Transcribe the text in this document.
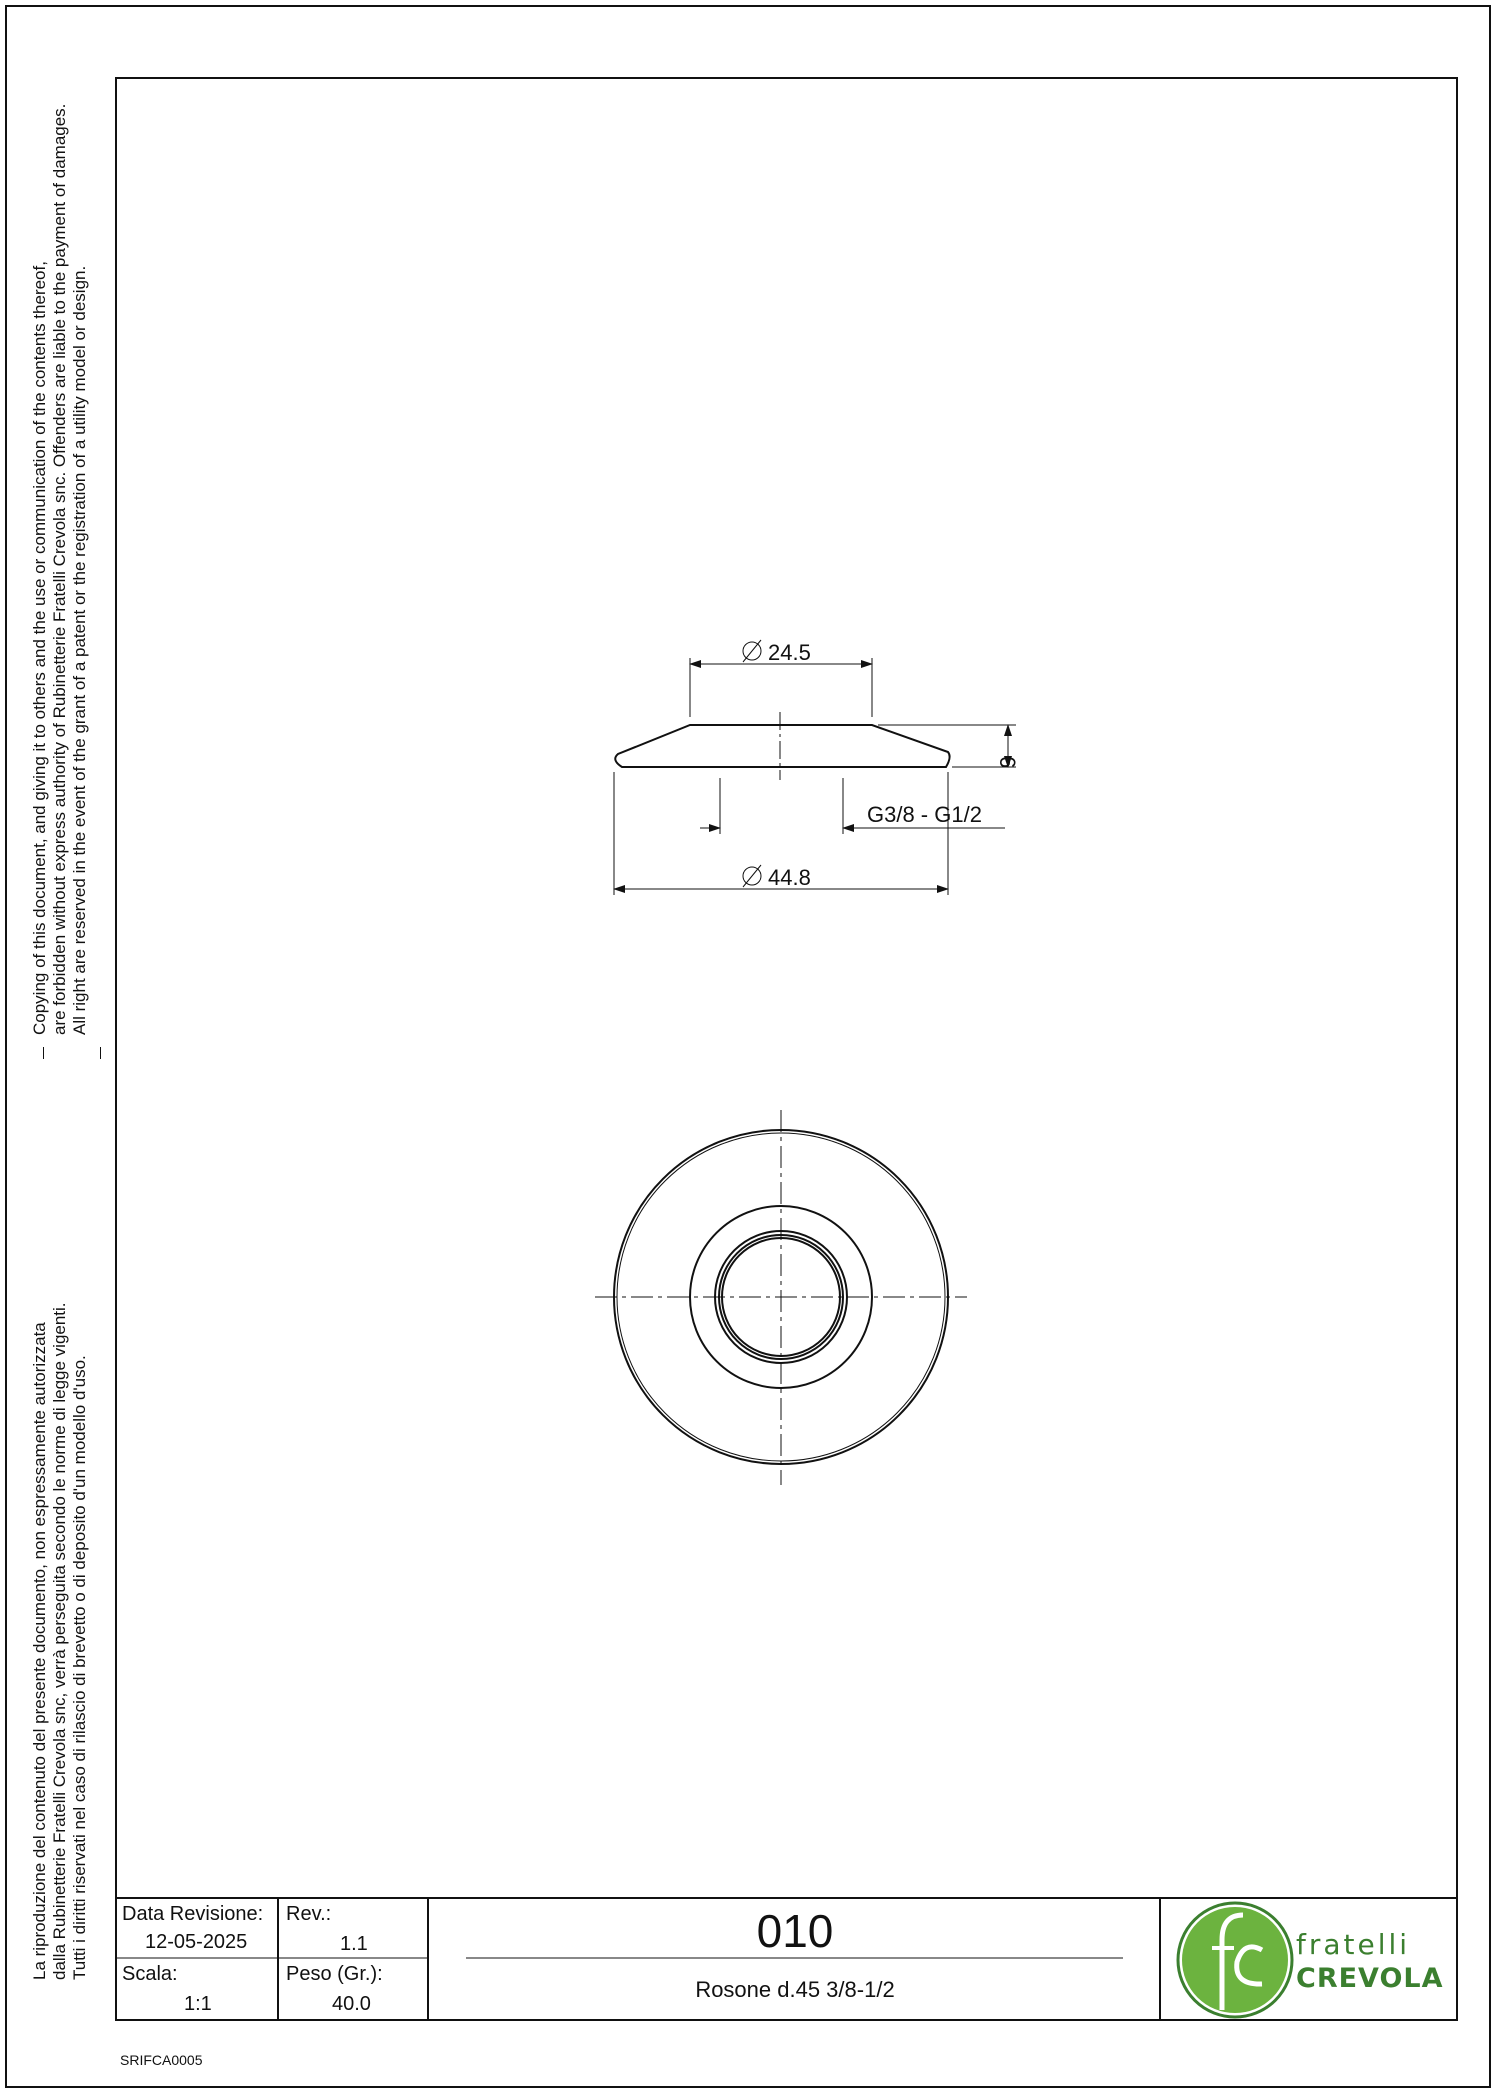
La riproduzione del contenuto del presente documento, non espressamente autorizzata dalla Rubinetterie Fratelli Crevola snc, verrà perseguita secondo le norme di legge vigenti. Tutti i diritti riservati nel caso di rilascio di brevetto o di deposito d'un modello d'uso.
Copying of this document, and giving it to others and the use or communication of the contents thereof, are forbidden without express authority of Rubinetterie Fratelli Crevola snc. Offenders are liable to the payment of damages. All right are reserved in the event of the grant of a patent or the registration of a utility model or design.	24.5
6
G3/8 - G1/2
44.8
Data Revisione:
12-05-2025
Rev.:
1.1
Scala:
1:1
Peso (Gr.):
40.0
010
Rosone d.45 3/8-1/2
fratelli
CREVOLA
SRIFCA0005
